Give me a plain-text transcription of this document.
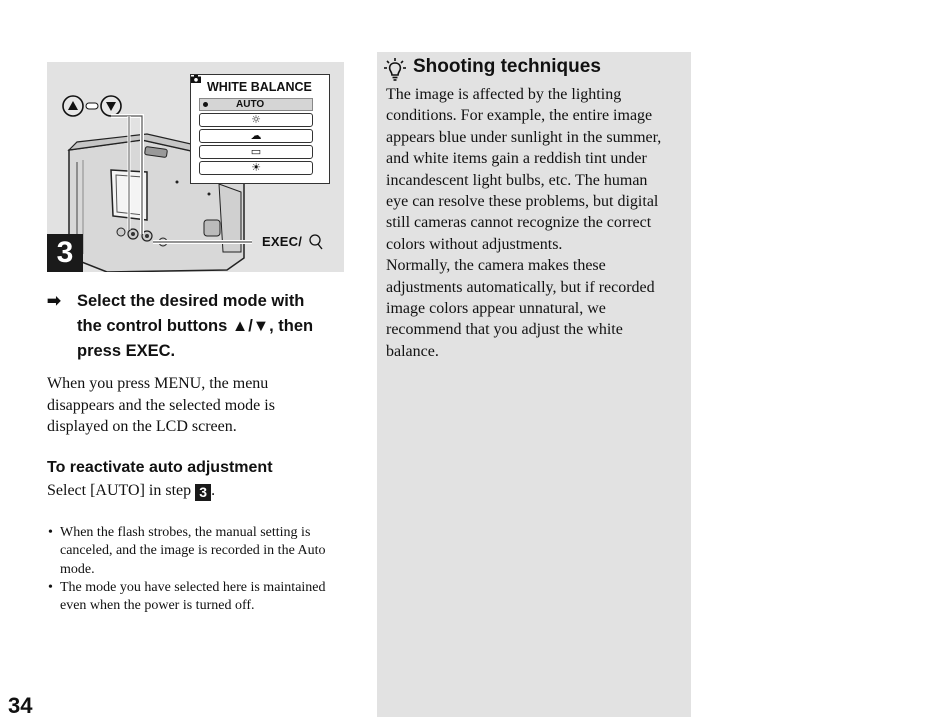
WHITE BALANCE
AUTO
☼
☁
▭
☀
EXEC/
3
➡ Select the desired mode with
the control buttons ▲/▼, then
press EXEC.
When you press MENU, the menu
disappears and the selected mode is
displayed on the LCD screen.
To reactivate auto adjustment
Select [AUTO] in step 3 .
• When the flash strobes, the manual setting is
canceled, and the image is recorded in the Auto
mode.
• The mode you have selected here is maintained
even when the power is turned off.
Shooting techniques
The image is affected by the lighting
conditions. For example, the entire image
appears blue under sunlight in the summer,
and white items gain a reddish tint under
incandescent light bulbs, etc. The human
eye can resolve these problems, but digital
still cameras cannot recognize the correct
colors without adjustments.
Normally, the camera makes these
adjustments automatically, but if recorded
image colors appear unnatural, we
recommend that you adjust the white
balance.
34
